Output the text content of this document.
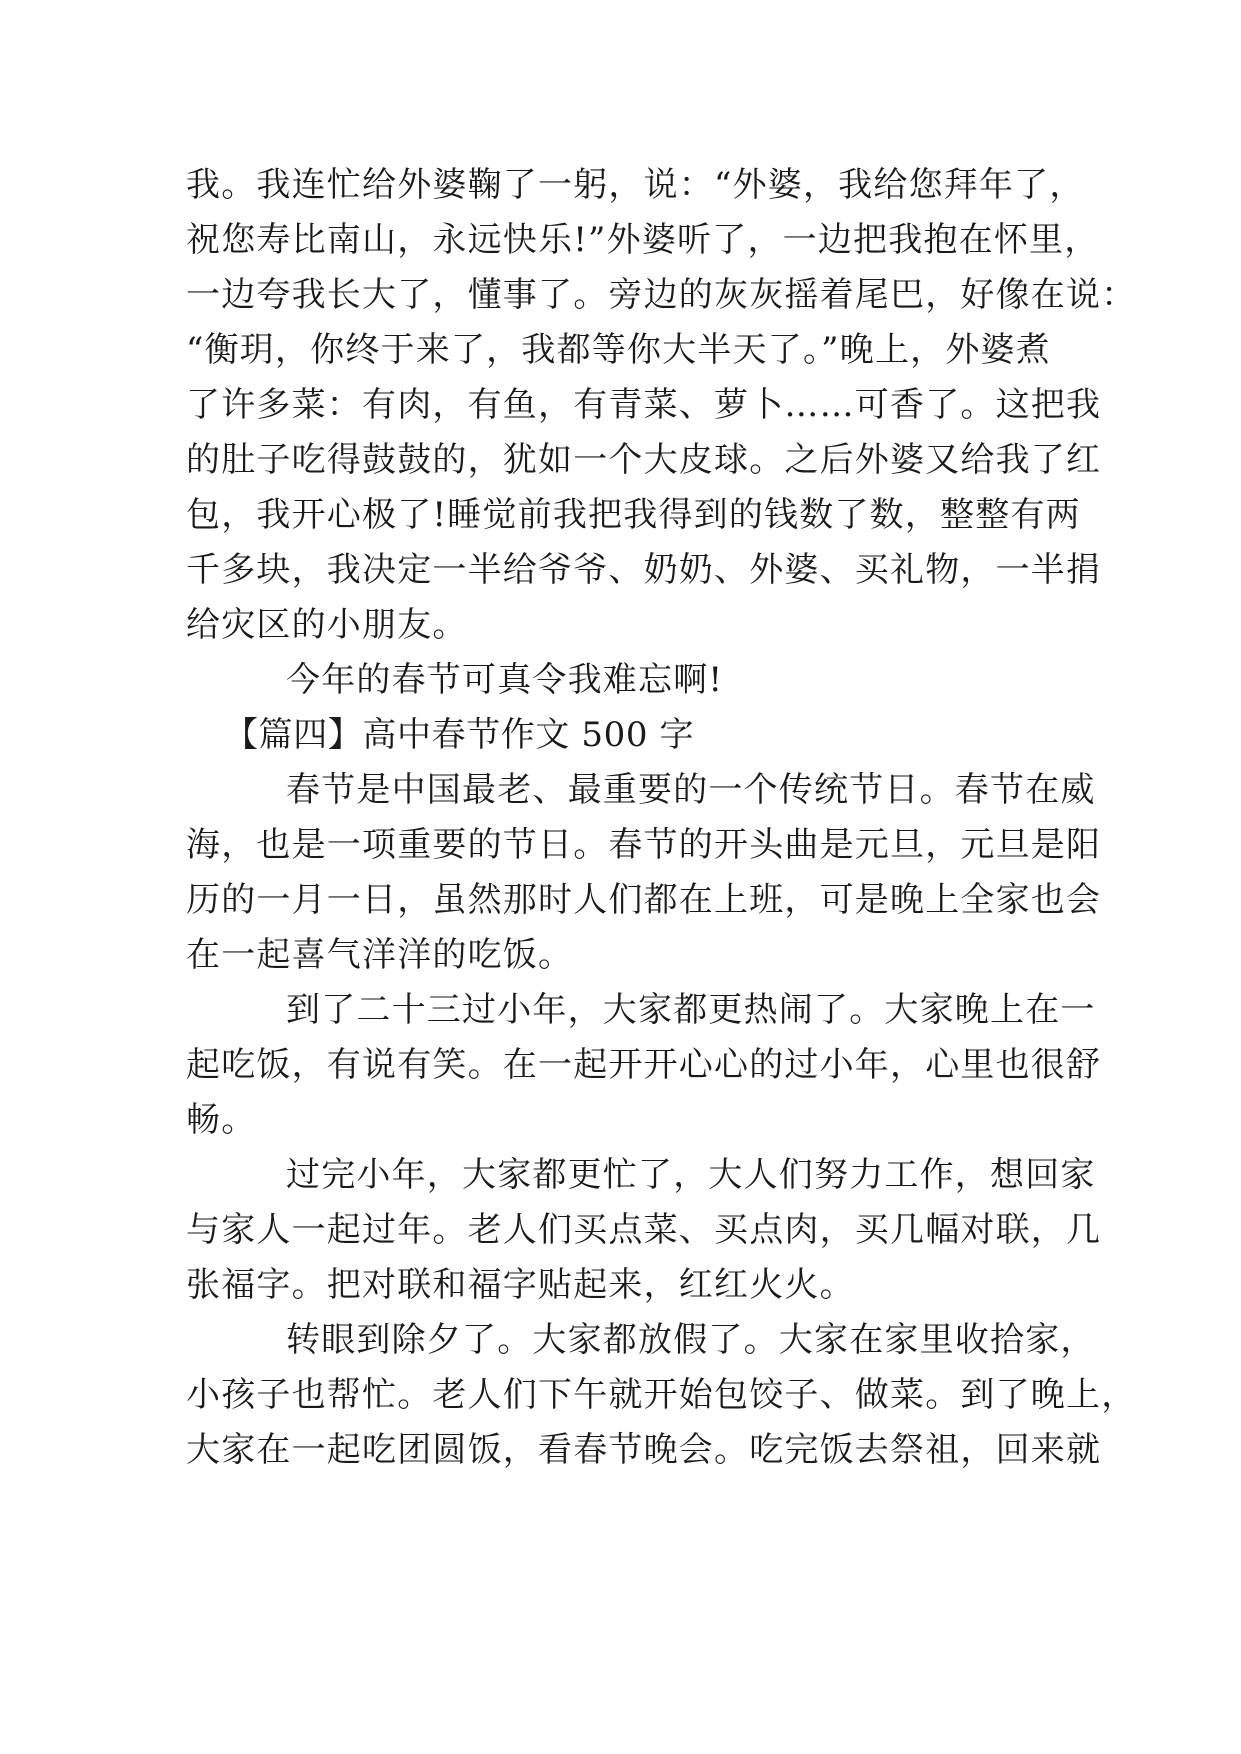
我。我连忙给外婆鞠了一躬，说：“外婆，我给您拜年了，
祝您寿比南山，永远快乐!”外婆听了，一边把我抱在怀里，
一边夸我长大了，懂事了。旁边的灰灰摇着尾巴，好像在说：
“衡玥，你终于来了，我都等你大半天了。”晚上，外婆煮
了许多菜：有肉，有鱼，有青菜、萝卜……可香了。这把我
的肚子吃得鼓鼓的，犹如一个大皮球。之后外婆又给我了红
包，我开心极了!睡觉前我把我得到的钱数了数，整整有两
千多块，我决定一半给爷爷、奶奶、外婆、买礼物，一半捐
给灾区的小朋友。
今年的春节可真令我难忘啊!
【篇四】高中春节作文 500 字
春节是中国最老、最重要的一个传统节日。春节在威
海，也是一项重要的节日。春节的开头曲是元旦，元旦是阳
历的一月一日，虽然那时人们都在上班，可是晚上全家也会
在一起喜气洋洋的吃饭。
到了二十三过小年，大家都更热闹了。大家晚上在一
起吃饭，有说有笑。在一起开开心心的过小年，心里也很舒
畅。
过完小年，大家都更忙了，大人们努力工作，想回家
与家人一起过年。老人们买点菜、买点肉，买几幅对联，几
张福字。把对联和福字贴起来，红红火火。
转眼到除夕了。大家都放假了。大家在家里收拾家，
小孩子也帮忙。老人们下午就开始包饺子、做菜。到了晚上，
大家在一起吃团圆饭，看春节晚会。吃完饭去祭祖，回来就
